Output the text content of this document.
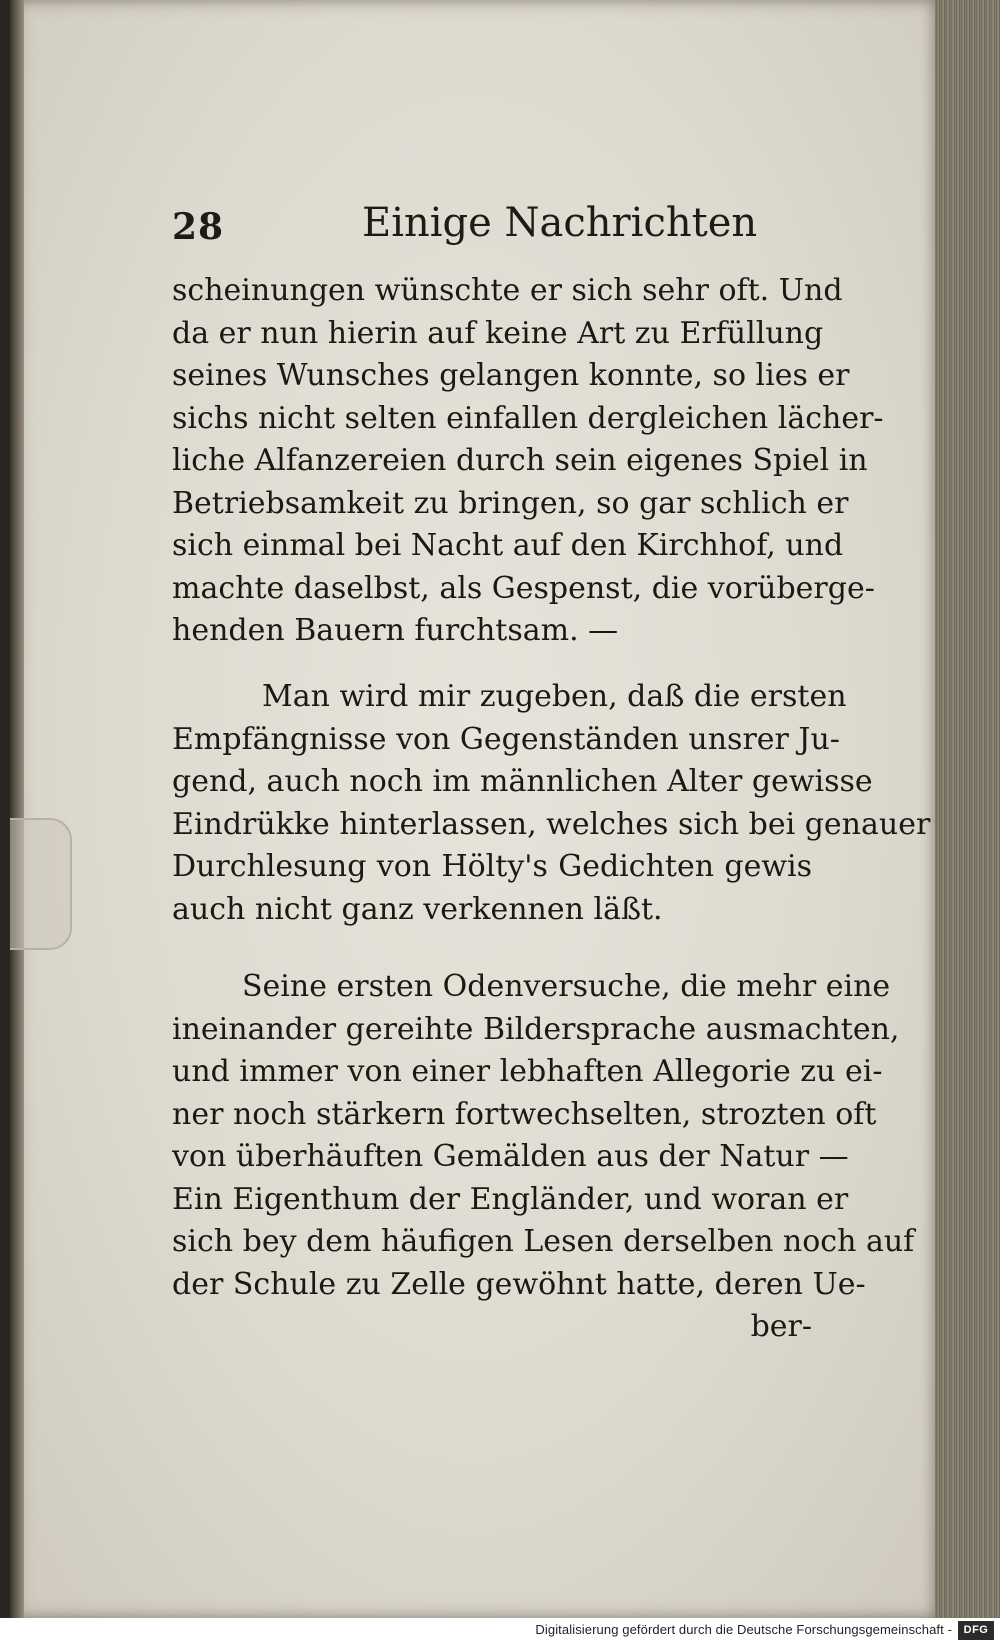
28	Einige Nachrichten
scheinungen wünschte er sich sehr oft. Und
da er nun hierin auf keine Art zu Erfüllung
seines Wunsches gelangen konnte, so lies er
sichs nicht selten einfallen dergleichen lächer-
liche Alfanzereien durch sein eigenes Spiel in
Betriebsamkeit zu bringen, so gar schlich er
sich einmal bei Nacht auf den Kirchhof, und
machte daselbst, als Gespenst, die vorüberge-
henden Bauern furchtsam. —
Man wird mir zugeben, daß die ersten
Empfängnisse von Gegenständen unsrer Ju-
gend, auch noch im männlichen Alter gewisse
Eindrükke hinterlassen, welches sich bei genauer
Durchlesung von Hölty's Gedichten gewis
auch nicht ganz verkennen läßt.
Seine ersten Odenversuche, die mehr eine
ineinander gereihte Bildersprache ausmachten,
und immer von einer lebhaften Allegorie zu ei-
ner noch stärkern fortwechselten, strozten oft
von überhäuften Gemälden aus der Natur —
Ein Eigenthum der Engländer, und woran er
sich bey dem häufigen Lesen derselben noch auf
der Schule zu Zelle gewöhnt hatte, deren Ue-
ber-
Digitalisierung gefördert durch die Deutsche Forschungsgemeinschaft -	DFG
